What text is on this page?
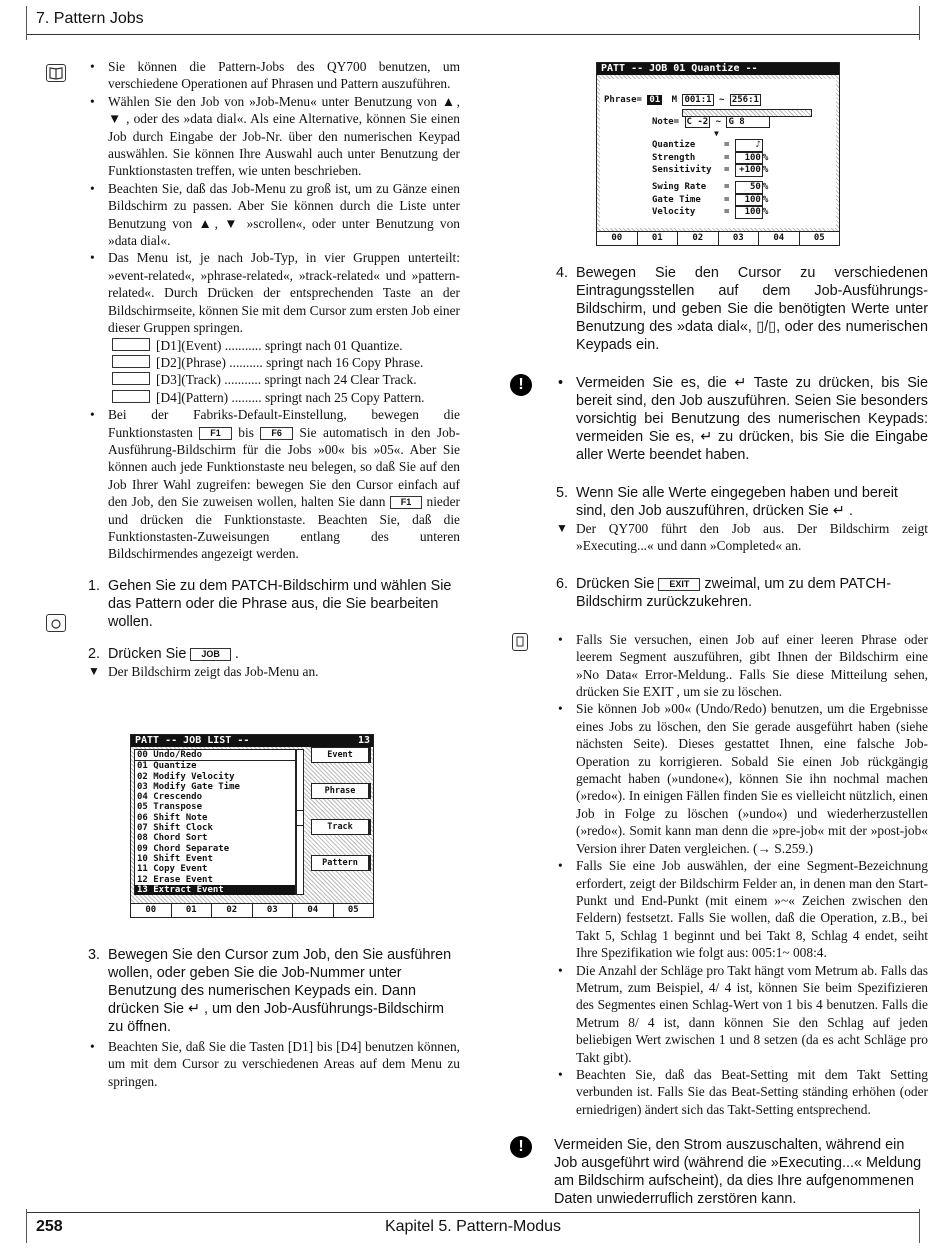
7. Pattern Jobs
• Sie können die Pattern-Jobs des QY700 benutzen, um verschiedene Operationen auf Phrasen und Pattern auszuführen.
• Wählen Sie den Job von »Job-Menu« unter Benutzung von ▲, ▼ , oder des »data dial«. Als eine Alternative, können Sie einen Job durch Eingabe der Job-Nr. über den numerischen Keypad auswählen. Sie können Ihre Auswahl auch unter Benutzung der Funktionstasten treffen, wie unten beschrieben.
• Beachten Sie, daß das Job-Menu zu groß ist, um zu Gänze einen Bildschirm zu passen. Aber Sie können durch die Liste unter Benutzung von ▲, ▼ »scrollen«, oder unter Benutzung von »data dial«.
• Das Menu ist, je nach Job-Typ, in vier Gruppen unterteilt: »event-related«, »phrase-related«, »track-related« und »pattern-related«. Durch Drücken der entsprechenden Taste an der Bildschirmseite, können Sie mit dem Cursor zum ersten Job einer dieser Gruppen springen.
[D1](Event) ........... springt nach 01 Quantize.
[D2](Phrase) .......... springt nach 16 Copy Phrase.
[D3](Track) ........... springt nach 24 Clear Track.
[D4](Pattern) ......... springt nach 25 Copy Pattern.
• Bei der Fabriks-Default-Einstellung, bewegen die Funktionstasten F1 bis F6 Sie automatisch in den Job-Ausführung-Bildschirm für die Jobs »00« bis »05«. Aber Sie können auch jede Funktionstaste neu belegen, so daß Sie auf den Job Ihrer Wahl zugreifen: bewegen Sie den Cursor einfach auf den Job, den Sie zuweisen wollen, halten Sie dann F1 nieder und drücken die Funktionstaste. Beachten Sie, daß die Funktionstasten-Zuweisungen entlang des unteren Bildschirmendes angezeigt werden.
1. Gehen Sie zu dem PATCH-Bildschirm und wählen Sie das Pattern oder die Phrase aus, die Sie bearbeiten wollen.
2. Drücken Sie JOB .
▼ Der Bildschirm zeigt das Job-Menu an.
PATT -- JOB LIST --	13
00 Undo/Redo
01 Quantize
02 Modify Velocity
03 Modify Gate Time
04 Crescendo
05 Transpose
06 Shift Note
07 Shift Clock
08 Chord Sort
09 Chord Separate
10 Shift Event
11 Copy Event
12 Erase Event
13 Extract Event
Event
Phrase
Track
Pattern
00	01	02	03	04	05
3. Bewegen Sie den Cursor zum Job, den Sie ausführen wollen, oder geben Sie die Job-Nummer unter Benutzung des numerischen Keypads ein. Dann drücken Sie ↵ , um den Job-Ausführungs-Bildschirm zu öffnen.
• Beachten Sie, daß Sie die Tasten [D1] bis [D4] benutzen können, um mit dem Cursor zu verschiedenen Areas auf dem Menu zu springen.
PATT -- JOB 01 Quantize --
Phrase= 01 M 001:1 ~ 256:1
Note= C -2 ~ G 8
▼
Quantize	= ♪
Strength	= 100 %
Sensitivity = +100 %
Swing Rate = 50 %
Gate Time	= 100 %
Velocity	= 100 %
00	01	02	03	04	05
4. Bewegen Sie den Cursor zu verschiedenen Eintragungsstellen auf dem Job-Ausführungs-Bildschirm, und geben Sie die benötigten Werte unter Benutzung des »data dial«, ▯/▯, oder des numerischen Keypads ein.
!
•	Vermeiden Sie es, die ↵ Taste zu drücken, bis Sie bereit sind, den Job auszuführen. Seien Sie besonders vorsichtig bei Benutzung des numerischen Keypads: vermeiden Sie es, ↵ zu drücken, bis Sie die Eingabe aller Werte beendet haben.
5. Wenn Sie alle Werte eingegeben haben und bereit sind, den Job auszuführen, drücken Sie ↵ .
▼ Der QY700 führt den Job aus. Der Bildschirm zeigt »Executing...« und dann »Completed« an.
6. Drücken Sie EXIT zweimal, um zu dem PATCH-Bildschirm zurückzukehren.
• Falls Sie versuchen, einen Job auf einer leeren Phrase oder leerem Segment auszuführen, gibt Ihnen der Bildschirm eine »No Data« Error-Meldung.. Falls Sie diese Mitteilung sehen, drücken Sie EXIT , um sie zu löschen.
• Sie können Job »00« (Undo/Redo) benutzen, um die Ergebnisse eines Jobs zu löschen, den Sie gerade ausgeführt haben (siehe nächsten Seite). Dieses gestattet Ihnen, eine falsche Job-Operation zu korrigieren. Sobald Sie einen Job rückgängig gemacht haben (»undone«), können Sie ihn nochmal machen (»redo«). In einigen Fällen finden Sie es vielleicht nützlich, einen Job in Folge zu löschen (»undo«) und wiederherzustellen (»redo«). Somit kann man denn die »pre-job« mit der »post-job« Version ihrer Daten vergleichen. (→ S.259.)
• Falls Sie eine Job auswählen, der eine Segment-Bezeichnung erfordert, zeigt der Bildschirm Felder an, in denen man den Start-Punkt und End-Punkt (mit einem »~« Zeichen zwischen den Feldern) festsetzt. Falls Sie wollen, daß die Operation, z.B., bei Takt 5, Schlag 1 beginnt und bei Takt 8, Schlag 4 endet, seiht Ihre Spezifikation wie folgt aus: 005:1~ 008:4.
• Die Anzahl der Schläge pro Takt hängt vom Metrum ab. Falls das Metrum, zum Beispiel, 4/ 4 ist, können Sie beim Spezifizieren des Segmentes einen Schlag-Wert von 1 bis 4 benutzen. Falls die Metrum 8/ 4 ist, dann können Sie den Schlag auf jeden beliebigen Wert zwischen 1 und 8 setzen (da es acht Schläge pro Takt gibt).
• Beachten Sie, daß das Beat-Setting mit dem Takt Setting verbunden ist. Falls Sie das Beat-Setting ständing erhöhen (oder erniedrigen) ändert sich das Takt-Setting entsprechend.
!	Vermeiden Sie, den Strom auszuschalten, während ein Job ausgeführt wird (während die »Executing...« Meldung am Bildschirm aufscheint), da dies Ihre aufgenommenen Daten unwiederruflich zerstören kann.
258	Kapitel 5. Pattern-Modus
